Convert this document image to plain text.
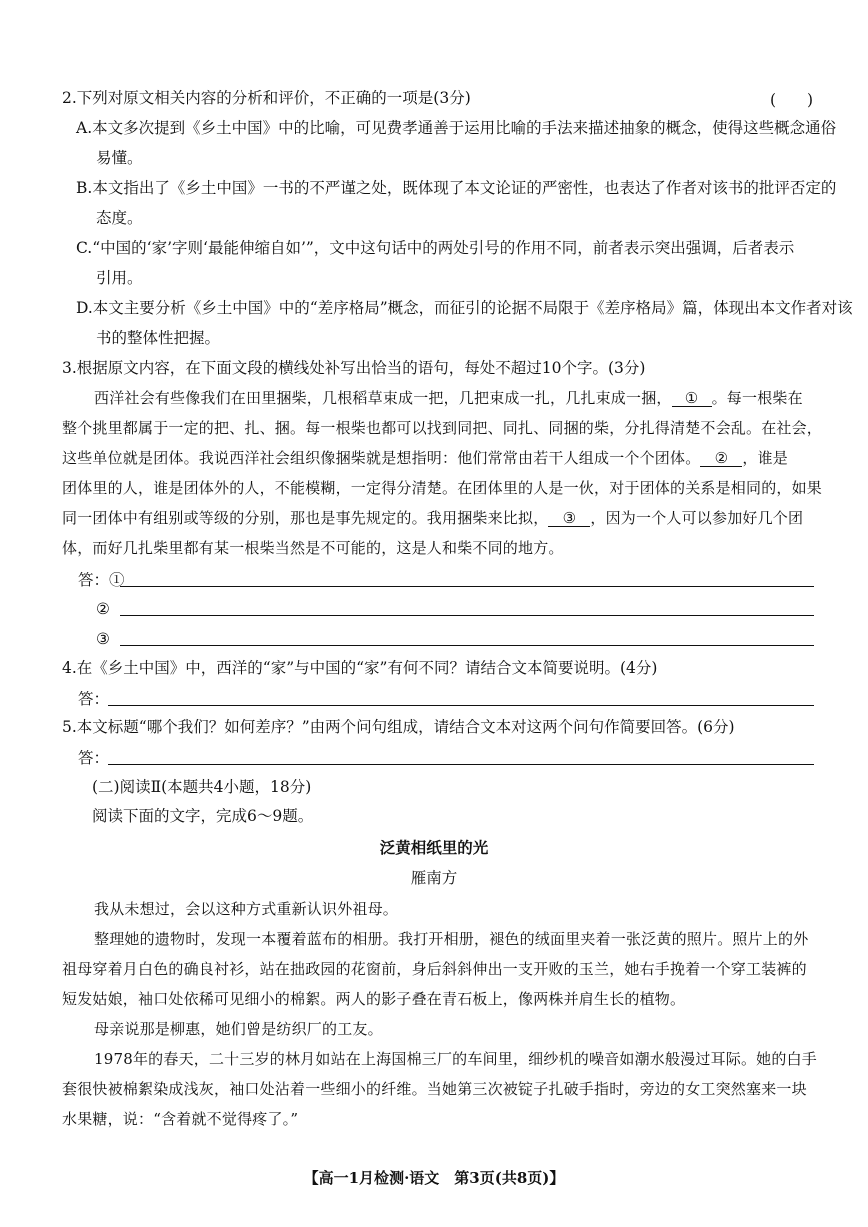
2.下列对原文相关内容的分析和评价，不正确的一项是(3分)	(　　)
A.本文多次提到《乡土中国》中的比喻，可见费孝通善于运用比喻的手法来描述抽象的概念，使得这些概念通俗
易懂。
B.本文指出了《乡土中国》一书的不严谨之处，既体现了本文论证的严密性，也表达了作者对该书的批评否定的
态度。
C.“中国的‘家’字则‘最能伸缩自如’”，文中这句话中的两处引号的作用不同，前者表示突出强调，后者表示
引用。
D.本文主要分析《乡土中国》中的“差序格局”概念，而征引的论据不局限于《差序格局》篇，体现出本文作者对该
书的整体性把握。
3.根据原文内容，在下面文段的横线处补写出恰当的语句，每处不超过10个字。(3分)
西洋社会有些像我们在田里捆柴，几根稻草束成一把，几把束成一扎，几扎束成一捆， ① 。每一根柴在
整个挑里都属于一定的把、扎、捆。每一根柴也都可以找到同把、同扎、同捆的柴，分扎得清楚不会乱。在社会，
这些单位就是团体。我说西洋社会组织像捆柴就是想指明：他们常常由若干人组成一个个团体。 ② ，谁是
团体里的人，谁是团体外的人，不能模糊，一定得分清楚。在团体里的人是一伙，对于团体的关系是相同的，如果
同一团体中有组别或等级的分别，那也是事先规定的。我用捆柴来比拟， ③ ，因为一个人可以参加好几个团
体，而好几扎柴里都有某一根柴当然是不可能的，这是人和柴不同的地方。
答：①
②
③
4.在《乡土中国》中，西洋的“家”与中国的“家”有何不同？请结合文本简要说明。(4分)
答：
5.本文标题“哪个我们？如何差序？”由两个问句组成，请结合文本对这两个问句作简要回答。(6分)
答：
(二)阅读Ⅱ(本题共4小题，18分)
阅读下面的文字，完成6～9题。
泛黄相纸里的光
雁南方
我从未想过，会以这种方式重新认识外祖母。
整理她的遗物时，发现一本覆着蓝布的相册。我打开相册，褪色的绒面里夹着一张泛黄的照片。照片上的外
祖母穿着月白色的确良衬衫，站在拙政园的花窗前，身后斜斜伸出一支开败的玉兰，她右手挽着一个穿工装裤的
短发姑娘，袖口处依稀可见细小的棉絮。两人的影子叠在青石板上，像两株并肩生长的植物。
母亲说那是柳惠，她们曾是纺织厂的工友。
1978年的春天，二十三岁的林月如站在上海国棉三厂的车间里，细纱机的噪音如潮水般漫过耳际。她的白手
套很快被棉絮染成浅灰，袖口处沾着一些细小的纤维。当她第三次被锭子扎破手指时，旁边的女工突然塞来一块
水果糖，说：“含着就不觉得疼了。”
【高一1月检测·语文　第3页(共8页)】
